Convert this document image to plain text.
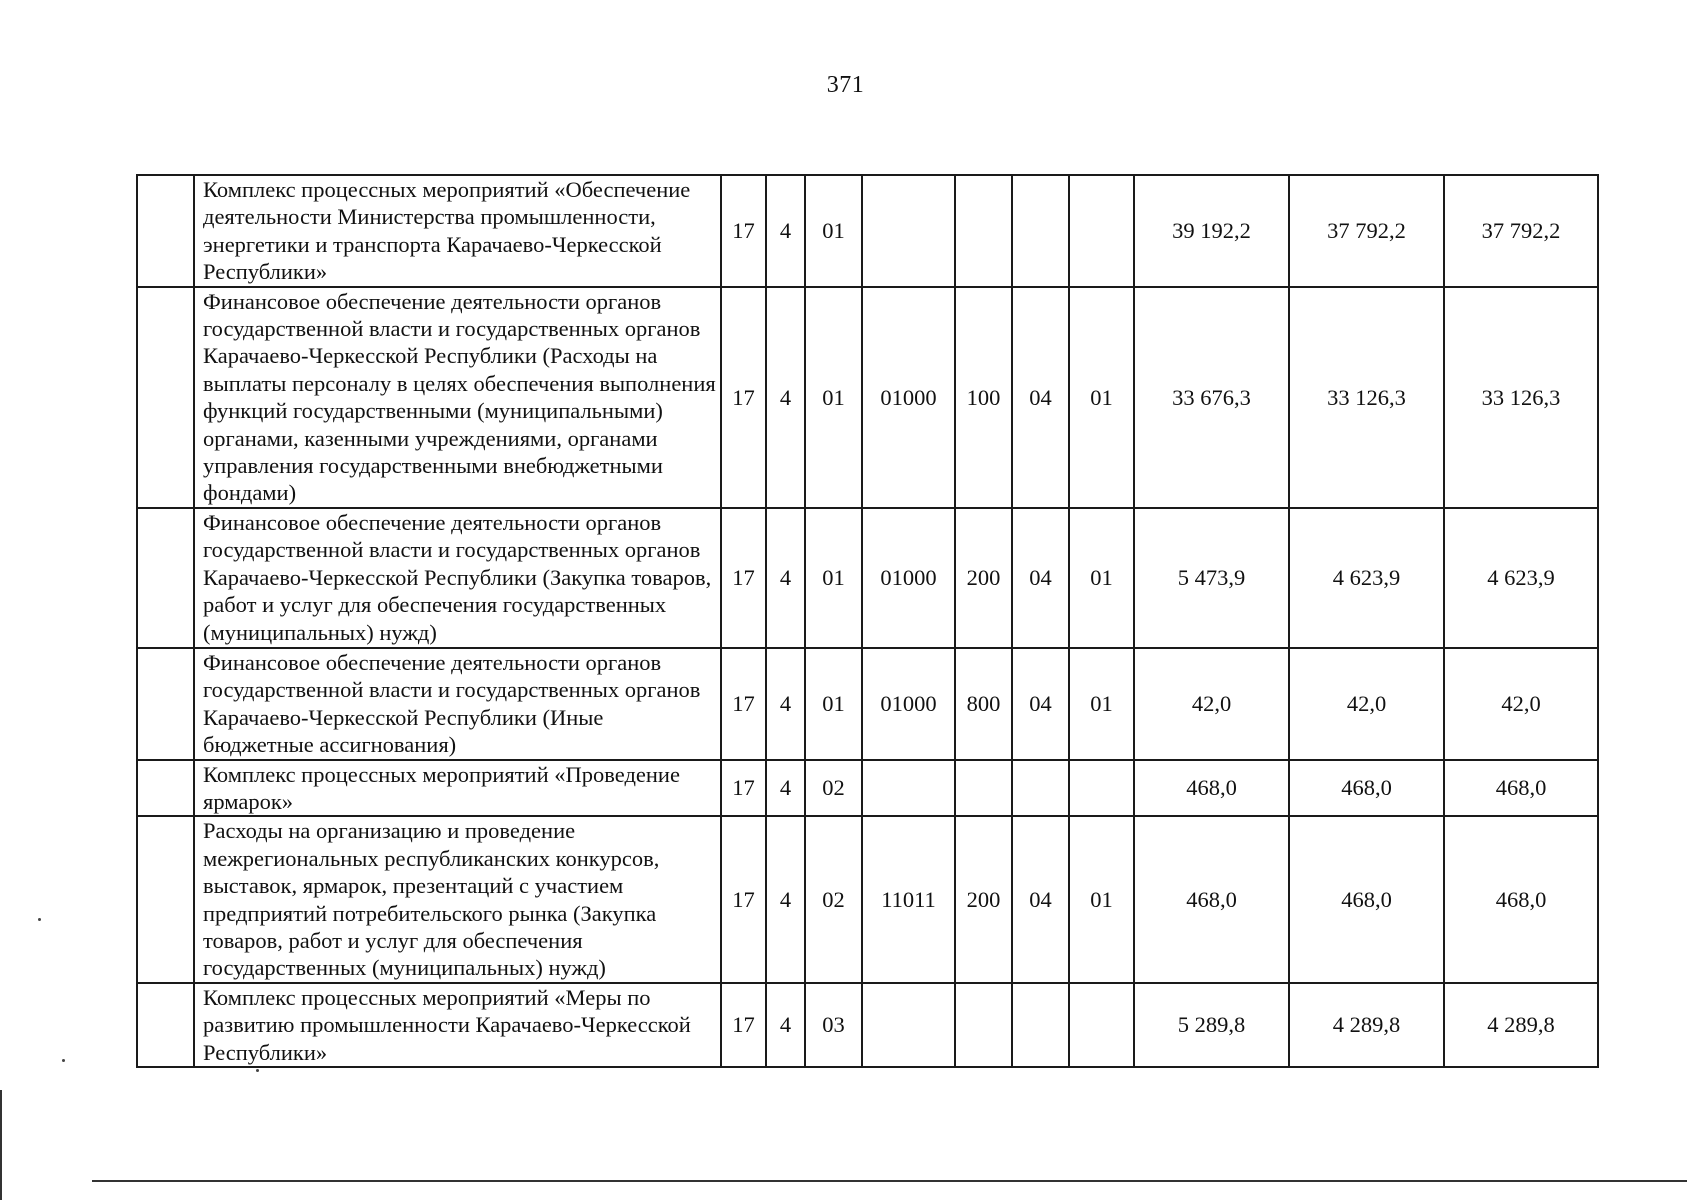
371
	Комплекс процессных мероприятий «Обеспечение деятельности Министерства промышленности, энергетики и транспорта Карачаево-Черкесской Республики»	17	4	01					39 192,2	37 792,2	37 792,2
	Финансовое обеспечение деятельности органов государственной власти и государственных органов Карачаево-Черкесской Республики (Расходы на выплаты персоналу в целях обеспечения выполнения функций государственными (муниципальными) органами, казенными учреждениями, органами управления государственными внебюджетными фондами)	17	4	01	01000	100	04	01	33 676,3	33 126,3	33 126,3
	Финансовое обеспечение деятельности органов государственной власти и государственных органов Карачаево-Черкесской Республики (Закупка товаров, работ и услуг для обеспечения государственных (муниципальных) нужд)	17	4	01	01000	200	04	01	5 473,9	4 623,9	4 623,9
	Финансовое обеспечение деятельности органов государственной власти и государственных органов Карачаево-Черкесской Республики (Иные бюджетные ассигнования)	17	4	01	01000	800	04	01	42,0	42,0	42,0
	Комплекс процессных мероприятий «Проведение ярмарок»	17	4	02					468,0	468,0	468,0
	Расходы на организацию и проведение межрегиональных республиканских конкурсов, выставок, ярмарок, презентаций с участием предприятий потребительского рынка (Закупка товаров, работ и услуг для обеспечения государственных (муниципальных) нужд)	17	4	02	11011	200	04	01	468,0	468,0	468,0
	Комплекс процессных мероприятий «Меры по развитию промышленности Карачаево-Черкесской Республики»	17	4	03					5 289,8	4 289,8	4 289,8
